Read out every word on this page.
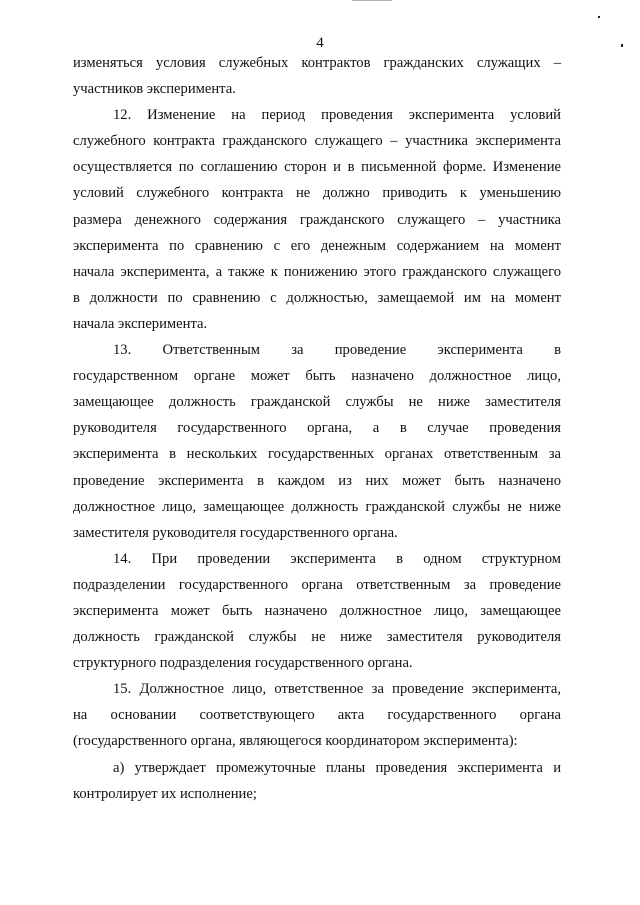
4

изменяться условия служебных контрактов гражданских служащих –
участников эксперимента.

12. Изменение на период проведения эксперимента условий
служебного контракта гражданского служащего – участника эксперимента
осуществляется по соглашению сторон и в письменной форме. Изменение
условий служебного контракта не должно приводить к уменьшению
размера денежного содержания гражданского служащего – участника
эксперимента по сравнению с его денежным содержанием на момент
начала эксперимента, а также к понижению этого гражданского служащего
в должности по сравнению с должностью, замещаемой им на момент
начала эксперимента.

13. Ответственным за проведение эксперимента в
государственном органе может быть назначено должностное лицо,
замещающее должность гражданской службы не ниже заместителя
руководителя государственного органа, а в случае проведения
эксперимента в нескольких государственных органах ответственным за
проведение эксперимента в каждом из них может быть назначено
должностное лицо, замещающее должность гражданской службы не ниже
заместителя руководителя государственного органа.

14. При проведении эксперимента в одном структурном
подразделении государственного органа ответственным за проведение
эксперимента может быть назначено должностное лицо, замещающее
должность гражданской службы не ниже заместителя руководителя
структурного подразделения государственного органа.

15. Должностное лицо, ответственное за проведение эксперимента,
на основании соответствующего акта государственного органа
(государственного органа, являющегося координатором эксперимента):

а) утверждает промежуточные планы проведения эксперимента и
контролирует их исполнение;
